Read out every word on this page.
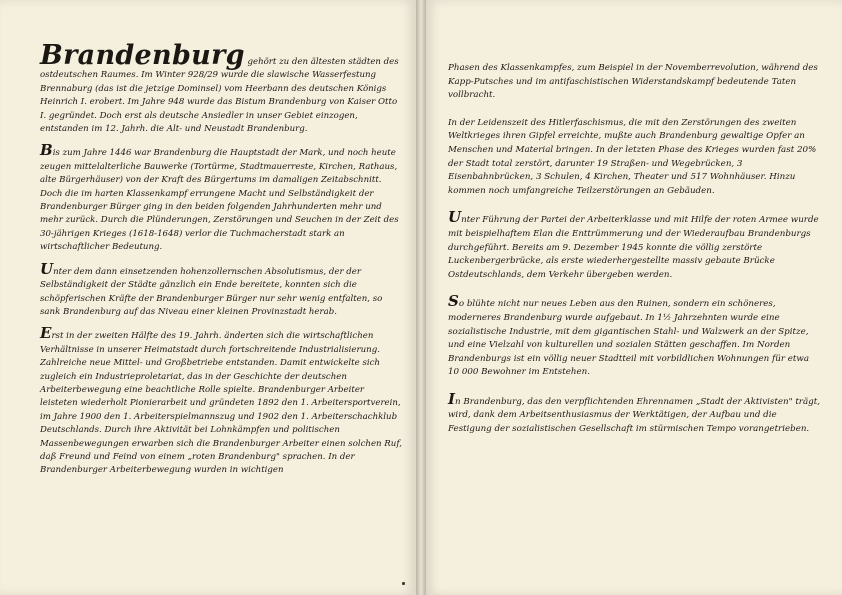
Brandenburg gehört zu den ältesten städten des ostdeutschen Raumes. Im Winter 928/29 wurde die slawische Wasserfestung Brennaburg (das ist die jetzige Dominsel) vom Heerbann des deutschen Königs Heinrich I. erobert. Im Jahre 948 wurde das Bistum Brandenburg von Kaiser Otto I. gegründet. Doch erst als deutsche Ansiedler in unser Gebiet einzogen, entstanden im 12. Jahrh. die Alt- und Neustadt Brandenburg.

Bis zum Jahre 1446 war Brandenburg die Hauptstadt der Mark, und noch heute zeugen mittelalterliche Bauwerke (Tortürme, Stadtmauerreste, Kirchen, Rathaus, alte Bürgerhäuser) von der Kraft des Bürgertums im damaligen Zeitabschnitt. Doch die im harten Klassenkampf errungene Macht und Selbständigkeit der Brandenburger Bürger ging in den beiden folgenden Jahrhunderten mehr und mehr zurück. Durch die Plünderungen, Zerstörungen und Seuchen in der Zeit des 30-jährigen Krieges (1618-1648) verlor die Tuchmacherstadt stark an wirtschaftlicher Bedeutung.

Unter dem dann einsetzenden hohenzollernschen Absolutismus, der der Selbständigkeit der Städte gänzlich ein Ende bereitete, konnten sich die schöpferischen Kräfte der Brandenburger Bürger nur sehr wenig entfalten, so sank Brandenburg auf das Niveau einer kleinen Provinzstadt herab.

Erst in der zweiten Hälfte des 19. Jahrh. änderten sich die wirtschaftlichen Verhältnisse in unserer Heimatstadt durch fortschreitende Industrialisierung. Zahlreiche neue Mittel- und Großbetriebe entstanden. Damit entwickelte sich zugleich ein Industrieproletariat, das in der Geschichte der deutschen Arbeiterbewegung eine beachtliche Rolle spielte. Brandenburger Arbeiter leisteten wiederholt Pionierarbeit und gründeten 1892 den 1. Arbeitersportverein, im Jahre 1900 den 1. Arbeiterspielmannszug und 1902 den 1. Arbeiterschachklub Deutschlands. Durch ihre Aktivität bei Lohnkämpfen und politischen Massenbewegungen erwarben sich die Brandenburger Arbeiter einen solchen Ruf, daß Freund und Feind von einem „roten Brandenburg" sprachen. In der Brandenburger Arbeiterbewegung wurden in wichtigen

Phasen des Klassenkampfes, zum Beispiel in der Novemberrevolution, während des Kapp-Putsches und im antifaschistischen Widerstandskampf bedeutende Taten vollbracht.

In der Leidenszeit des Hitlerfaschismus, die mit den Zerstörungen des zweiten Weltkrieges ihren Gipfel erreichte, mußte auch Brandenburg gewaltige Opfer an Menschen und Material bringen. In der letzten Phase des Krieges wurden fast 20% der Stadt total zerstört, darunter 19 Straßen- und Wegebrücken, 3 Eisenbahnbrücken, 3 Schulen, 4 Kirchen, Theater und 517 Wohnhäuser. Hinzu kommen noch umfangreiche Teilzerstörungen an Gebäuden.

Unter Führung der Partei der Arbeiterklasse und mit Hilfe der roten Armee wurde mit beispielhaftem Elan die Enttrümmerung und der Wiederaufbau Brandenburgs durchgeführt. Bereits am 9. Dezember 1945 konnte die völlig zerstörte Luckenbergerbrücke, als erste wiederhergestellte massiv gebaute Brücke Ostdeutschlands, dem Verkehr übergeben werden.

So blühte nicht nur neues Leben aus den Ruinen, sondern ein schöneres, moderneres Brandenburg wurde aufgebaut. In 1½ Jahrzehnten wurde eine sozialistische Industrie, mit dem gigantischen Stahl- und Walzwerk an der Spitze, und eine Vielzahl von kulturellen und sozialen Stätten geschaffen. Im Norden Brandenburgs ist ein völlig neuer Stadtteil mit vorbildlichen Wohnungen für etwa 10 000 Bewohner im Entstehen.

In Brandenburg, das den verpflichtenden Ehrennamen „Stadt der Aktivisten" trägt, wird, dank dem Arbeitsenthusiasmus der Werktätigen, der Aufbau und die Festigung der sozialistischen Gesellschaft im stürmischen Tempo vorangetrieben.
